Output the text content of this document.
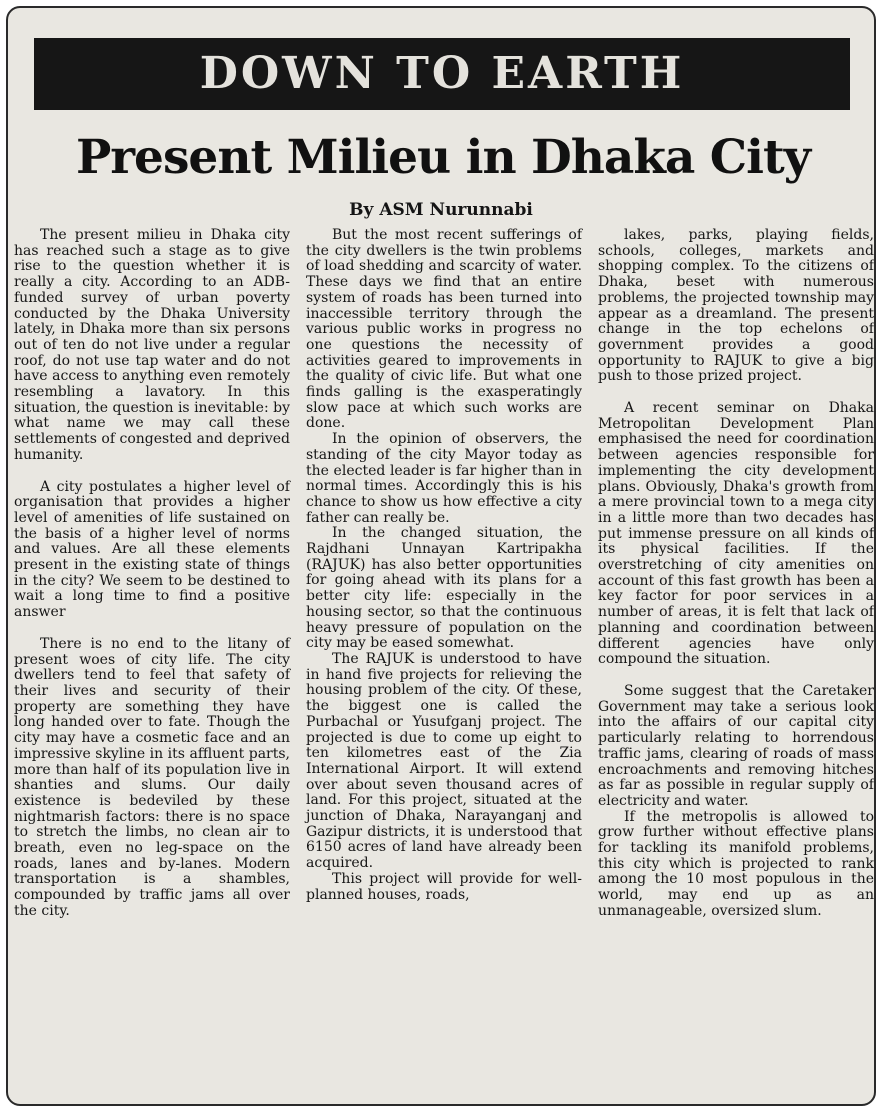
DOWN TO EARTH
Present Milieu in Dhaka City
By ASM Nurunnabi

The present milieu in Dhaka city has reached such a stage as to give rise to the question whether it is really a city. According to an ADB-funded survey of urban poverty conducted by the Dhaka University lately, in Dhaka more than six persons out of ten do not live under a regular roof, do not use tap water and do not have access to anything even remotely resembling a lavatory. In this situation, the question is inevitable: by what name we may call these settlements of congested and deprived humanity.

A city postulates a higher level of organisation that provides a higher level of amenities of life sustained on the basis of a higher level of norms and values. Are all these elements present in the existing state of things in the city? We seem to be destined to wait a long time to find a positive answer

There is no end to the litany of present woes of city life. The city dwellers tend to feel that safety of their lives and security of their property are something they have long handed over to fate. Though the city may have a cosmetic face and an impressive skyline in its affluent parts, more than half of its population live in shanties and slums. Our daily existence is bedeviled by these nightmarish factors: there is no space to stretch the limbs, no clean air to breath, even no leg-space on the roads, lanes and by-lanes. Modern transportation is a shambles, compounded by traffic jams all over the city.

But the most recent sufferings of the city dwellers is the twin problems of load shedding and scarcity of water. These days we find that an entire system of roads has been turned into inaccessible territory through the various public works in progress no one questions the necessity of activities geared to improvements in the quality of civic life. But what one finds galling is the exasperatingly slow pace at which such works are done.

In the opinion of observers, the standing of the city Mayor today as the elected leader is far higher than in normal times. Accordingly this is his chance to show us how effective a city father can really be.

In the changed situation, the Rajdhani Unnayan Kartripakha (RAJUK) has also better opportunities for going ahead with its plans for a better city life: especially in the housing sector, so that the continuous heavy pressure of population on the city may be eased somewhat.

The RAJUK is understood to have in hand five projects for relieving the housing problem of the city. Of these, the biggest one is called the Purbachal or Yusufganj project. The projected is due to come up eight to ten kilometres east of the Zia International Airport. It will extend over about seven thousand acres of land. For this project, situated at the junction of Dhaka, Narayanganj and Gazipur districts, it is understood that 6150 acres of land have already been acquired.

This project will provide for well-planned houses, roads,

lakes, parks, playing fields, schools, colleges, markets and shopping complex. To the citizens of Dhaka, beset with numerous problems, the projected township may appear as a dreamland. The present change in the top echelons of government provides a good opportunity to RAJUK to give a big push to those prized project.

A recent seminar on Dhaka Metropolitan Development Plan emphasised the need for coordination between agencies responsible for implementing the city development plans. Obviously, Dhaka's growth from a mere provincial town to a mega city in a little more than two decades has put immense pressure on all kinds of its physical facilities. If the overstretching of city amenities on account of this fast growth has been a key factor for poor services in a number of areas, it is felt that lack of planning and coordination between different agencies have only compound the situation.

Some suggest that the Caretaker Government may take a serious look into the affairs of our capital city particularly relating to horrendous traffic jams, clearing of roads of mass encroachments and removing hitches as far as possible in regular supply of electricity and water.

If the metropolis is allowed to grow further without effective plans for tackling its manifold problems, this city which is projected to rank among the 10 most populous in the world, may end up as an unmanageable, oversized slum.
